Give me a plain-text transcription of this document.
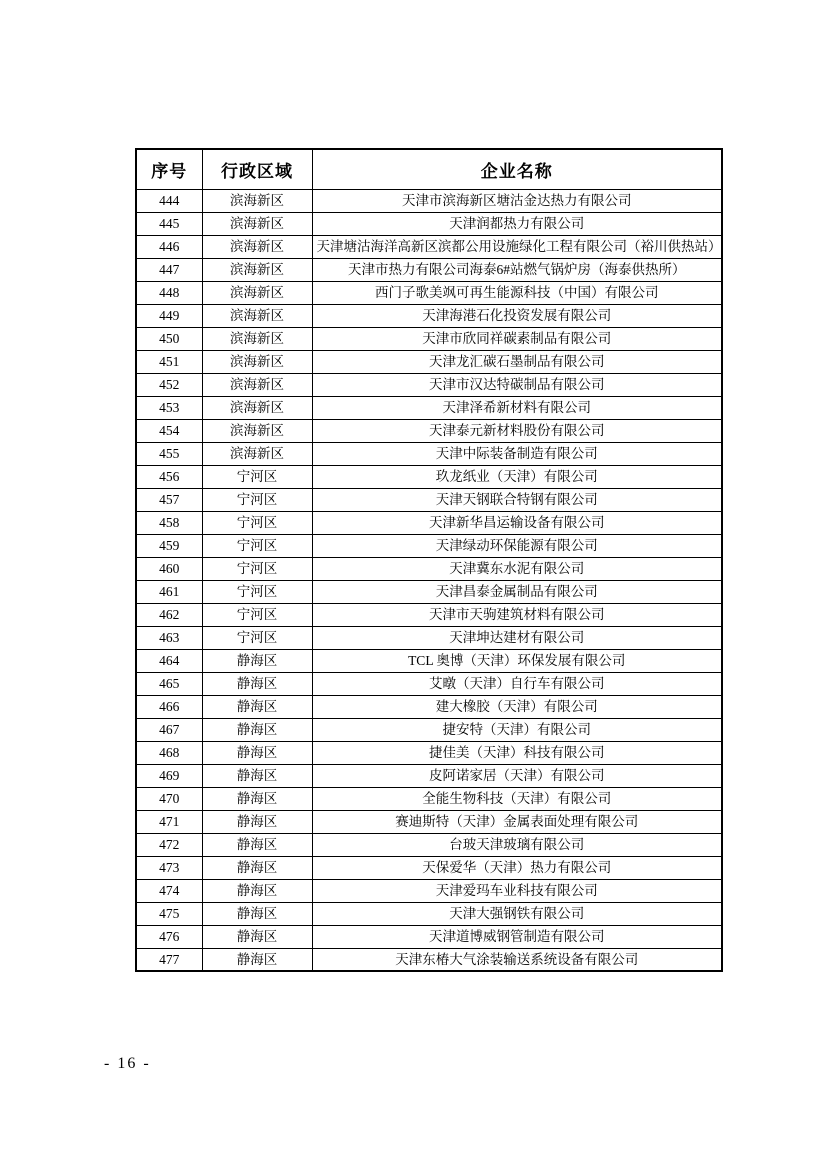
序号	行政区域	企业名称
444	滨海新区	天津市滨海新区塘沽金达热力有限公司
445	滨海新区	天津润都热力有限公司
446	滨海新区	天津塘沽海洋高新区滨都公用设施绿化工程有限公司（裕川供热站）
447	滨海新区	天津市热力有限公司海泰6#站燃气锅炉房（海泰供热所）
448	滨海新区	西门子歌美飒可再生能源科技（中国）有限公司
449	滨海新区	天津海港石化投资发展有限公司
450	滨海新区	天津市欣同祥碳素制品有限公司
451	滨海新区	天津龙汇碳石墨制品有限公司
452	滨海新区	天津市汉达特碳制品有限公司
453	滨海新区	天津泽希新材料有限公司
454	滨海新区	天津泰元新材料股份有限公司
455	滨海新区	天津中际装备制造有限公司
456	宁河区	玖龙纸业（天津）有限公司
457	宁河区	天津天钢联合特钢有限公司
458	宁河区	天津新华昌运输设备有限公司
459	宁河区	天津绿动环保能源有限公司
460	宁河区	天津冀东水泥有限公司
461	宁河区	天津昌泰金属制品有限公司
462	宁河区	天津市天驹建筑材料有限公司
463	宁河区	天津坤达建材有限公司
464	静海区	TCL 奥博（天津）环保发展有限公司
465	静海区	艾暾（天津）自行车有限公司
466	静海区	建大橡胶（天津）有限公司
467	静海区	捷安特（天津）有限公司
468	静海区	捷佳美（天津）科技有限公司
469	静海区	皮阿诺家居（天津）有限公司
470	静海区	全能生物科技（天津）有限公司
471	静海区	赛迪斯特（天津）金属表面处理有限公司
472	静海区	台玻天津玻璃有限公司
473	静海区	天保爱华（天津）热力有限公司
474	静海区	天津爱玛车业科技有限公司
475	静海区	天津大强钢铁有限公司
476	静海区	天津道博威钢管制造有限公司
477	静海区	天津东椿大气涂装输送系统设备有限公司
- 16 -
